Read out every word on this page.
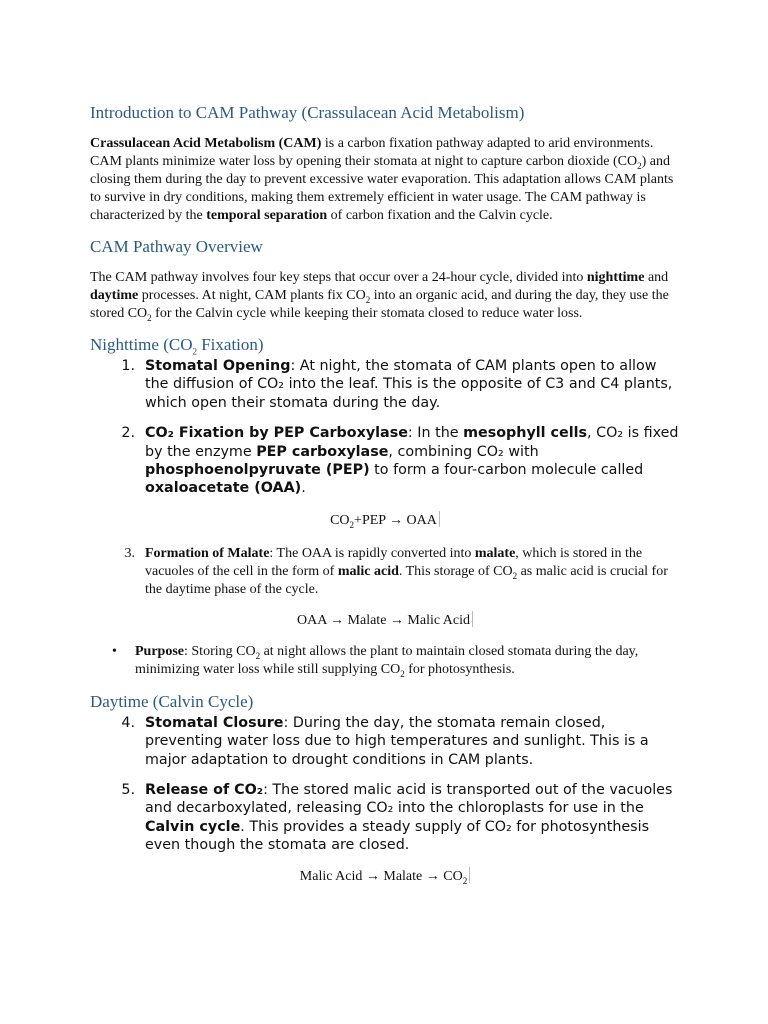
Introduction to CAM Pathway (Crassulacean Acid Metabolism)

Crassulacean Acid Metabolism (CAM) is a carbon fixation pathway adapted to arid environments. CAM plants minimize water loss by opening their stomata at night to capture carbon dioxide $(CO_2)$ and closing them during the day to prevent excessive water evaporation. This adaptation allows CAM plants to survive in dry conditions, making them extremely efficient in water usage. The CAM pathway is characterized by the temporal separation of carbon fixation and the Calvin cycle.

CAM Pathway Overview

The CAM pathway involves four key steps that occur over a 24-hour cycle, divided into nighttime and daytime processes. At night, CAM plants fix $CO_2$ into an organic acid, and during the day, they use the stored $CO_2$ for the Calvin cycle while keeping their stomata closed to reduce water loss.

Nighttime ($CO_2$ Fixation)
1. Stomatal Opening: At night, the stomata of CAM plants open to allow the diffusion of CO₂ into the leaf. This is the opposite of C3 and C4 plants, which open their stomata during the day.
2. CO₂ Fixation by PEP Carboxylase: In the mesophyll cells, CO₂ is fixed by the enzyme PEP carboxylase, combining CO₂ with phosphoenolpyruvate (PEP) to form a four-carbon molecule called oxaloacetate (OAA).
$CO_2+PEP$ → OAA
3. Formation of Malate: The OAA is rapidly converted into malate, which is stored in the vacuoles of the cell in the form of malic acid. This storage of $CO_2$ as malic acid is crucial for the daytime phase of the cycle.
OAA → Malate → Malic Acid
•	Purpose: Storing $CO_2$ at night allows the plant to maintain closed stomata during the day, minimizing water loss while still supplying $CO_2$ for photosynthesis.
Daytime (Calvin Cycle)
4. Stomatal Closure: During the day, the stomata remain closed, preventing water loss due to high temperatures and sunlight. This is a major adaptation to drought conditions in CAM plants.
5. Release of CO₂: The stored malic acid is transported out of the vacuoles and decarboxylated, releasing CO₂ into the chloroplasts for use in the Calvin cycle. This provides a steady supply of CO₂ for photosynthesis even though the stomata are closed.
Malic Acid → Malate → $CO_2$
